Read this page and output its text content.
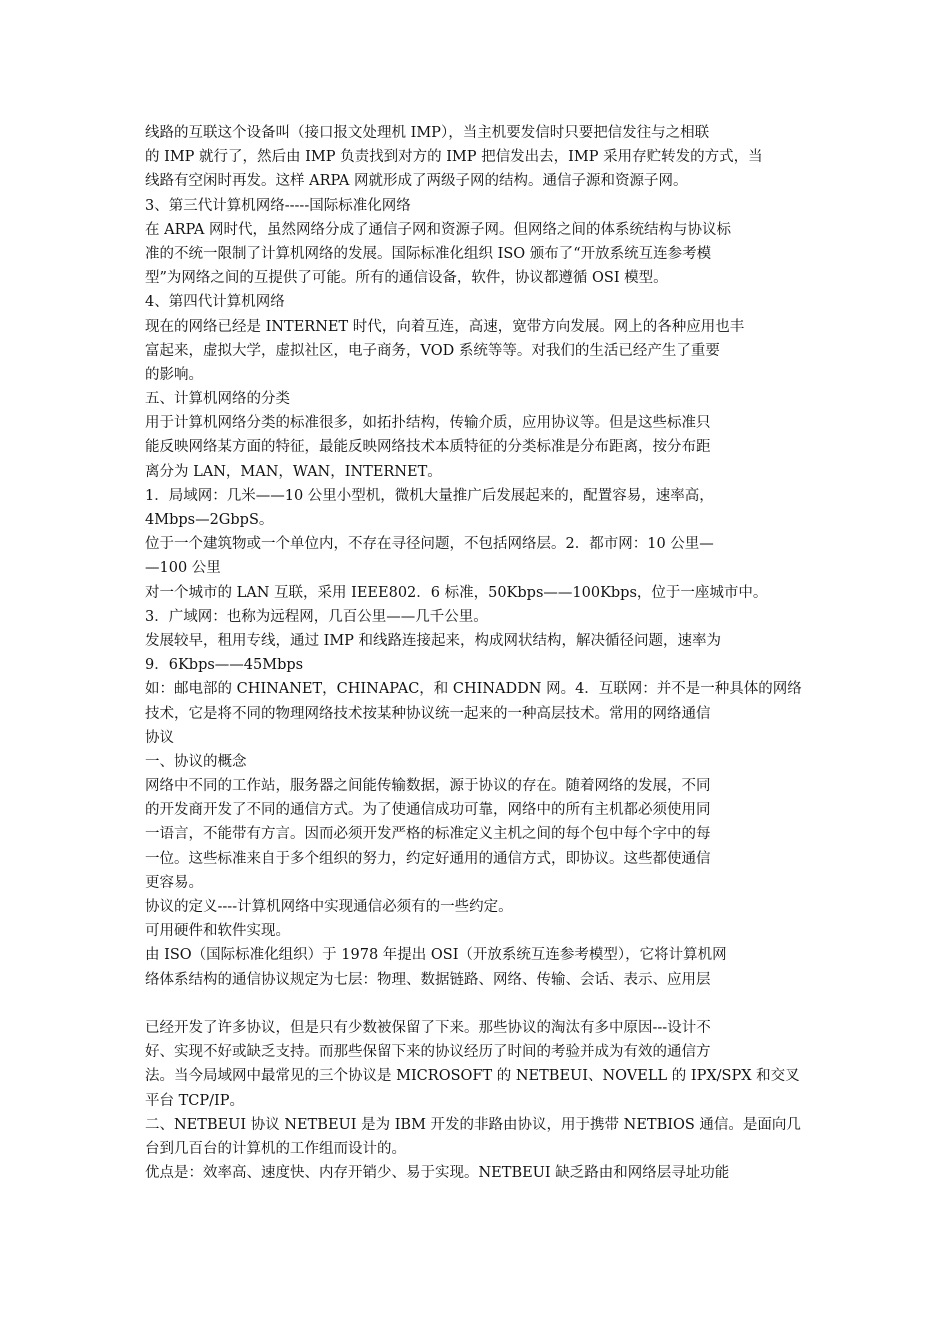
线路的互联这个设备叫（接口报文处理机 IMP），当主机要发信时只要把信发往与之相联
的 IMP 就行了，然后由 IMP 负责找到对方的 IMP 把信发出去，IMP 采用存贮转发的方式，当
线路有空闲时再发。这样 ARPA 网就形成了两级子网的结构。通信子源和资源子网。
3、第三代计算机网络-----国际标准化网络
在 ARPA 网时代，虽然网络分成了通信子网和资源子网。但网络之间的体系统结构与协议标
准的不统一限制了计算机网络的发展。国际标准化组织 ISO 颁布了“开放系统互连参考模
型”为网络之间的互提供了可能。所有的通信设备，软件，协议都遵循 OSI 模型。
4、第四代计算机网络
现在的网络已经是 INTERNET 时代，向着互连，高速，宽带方向发展。网上的各种应用也丰
富起来，虚拟大学，虚拟社区，电子商务，VOD 系统等等。对我们的生活已经产生了重要
的影响。
五、计算机网络的分类
用于计算机网络分类的标准很多，如拓扑结构，传输介质，应用协议等。但是这些标准只
能反映网络某方面的特征，最能反映网络技术本质特征的分类标准是分布距离，按分布距
离分为 LAN，MAN，WAN，INTERNET。
1．局域网：几米——10 公里小型机，微机大量推广后发展起来的，配置容易，速率高，
4Mbps—2GbpS。
位于一个建筑物或一个单位内，不存在寻径问题，不包括网络层。2．都市网：10 公里—
—100 公里
对一个城市的 LAN 互联，采用 IEEE802．6 标准，50Kbps——100Kbps，位于一座城市中。
3．广域网：也称为远程网，几百公里——几千公里。
发展较早，租用专线，通过 IMP 和线路连接起来，构成网状结构，解决循径问题，速率为
9．6Kbps——45Mbps
如：邮电部的 CHINANET，CHINAPAC，和 CHINADDN 网。4．互联网：并不是一种具体的网络
技术，它是将不同的物理网络技术按某种协议统一起来的一种高层技术。常用的网络通信
协议
一、协议的概念
网络中不同的工作站，服务器之间能传输数据，源于协议的存在。随着网络的发展，不同
的开发商开发了不同的通信方式。为了使通信成功可靠，网络中的所有主机都必须使用同
一语言，不能带有方言。因而必须开发严格的标准定义主机之间的每个包中每个字中的每
一位。这些标准来自于多个组织的努力，约定好通用的通信方式，即协议。这些都使通信
更容易。
协议的定义----计算机网络中实现通信必须有的一些约定。
可用硬件和软件实现。
由 ISO（国际标准化组织）于 1978 年提出 OSI（开放系统互连参考模型），它将计算机网
络体系结构的通信协议规定为七层：物理、数据链路、网络、传输、会话、表示、应用层
已经开发了许多协议，但是只有少数被保留了下来。那些协议的淘汰有多中原因---设计不
好、实现不好或缺乏支持。而那些保留下来的协议经历了时间的考验并成为有效的通信方
法。当今局域网中最常见的三个协议是 MICROSOFT 的 NETBEUI、NOVELL 的 IPX/SPX 和交叉
平台 TCP/IP。
二、NETBEUI 协议 NETBEUI 是为 IBM 开发的非路由协议，用于携带 NETBIOS 通信。是面向几
台到几百台的计算机的工作组而设计的。
优点是：效率高、速度快、内存开销少、易于实现。NETBEUI 缺乏路由和网络层寻址功能
